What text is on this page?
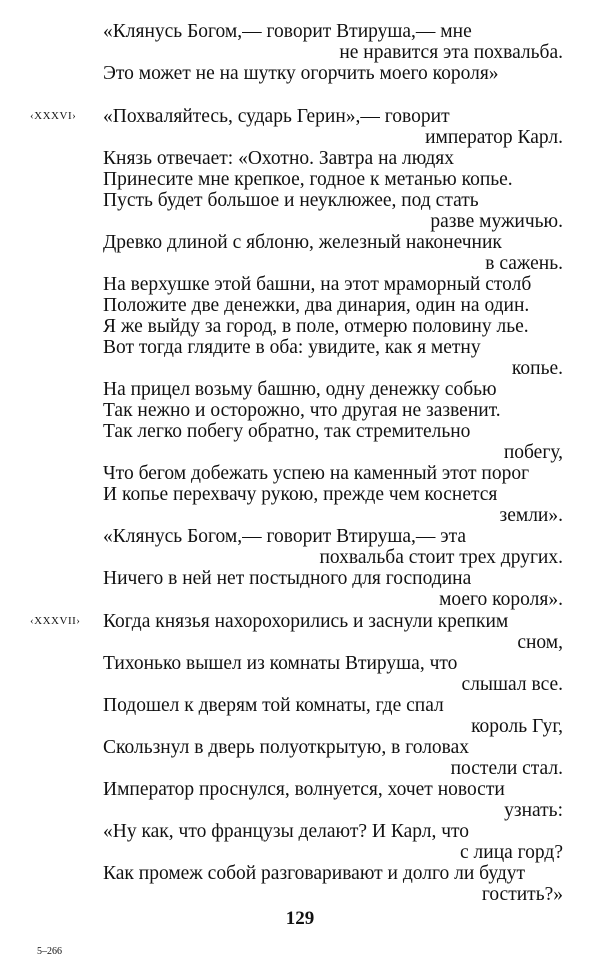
«Клянусь Богом,— говорит Втируша,— мне
не нравится эта похвальба.
Это может не на шутку огорчить моего короля»
‹XXXVI›	«Похваляйтесь, сударь Герин»,— говорит
император Карл.
Князь отвечает: «Охотно. Завтра на людях
Принесите мне крепкое, годное к метанью копье.
Пусть будет большое и неуклюжее, под стать
разве мужичью.
Древко длиной с яблоню, железный наконечник
в сажень.
На верхушке этой башни, на этот мраморный столб
Положите две денежки, два динария, один на один.
Я же выйду за город, в поле, отмерю половину лье.
Вот тогда глядите в оба: увидите, как я метну
копье.
На прицел возьму башню, одну денежку собью
Так нежно и осторожно, что другая не зазвенит.
Так легко побегу обратно, так стремительно
побегу,
Что бегом добежать успею на каменный этот порог
И копье перехвачу рукою, прежде чем коснется
земли».
«Клянусь Богом,— говорит Втируша,— эта
похвальба стоит трех других.
Ничего в ней нет постыдного для господина
моего короля».
‹XXXVII›	Когда князья нахорохорились и заснули крепким
сном,
Тихонько вышел из комнаты Втируша, что
слышал все.
Подошел к дверям той комнаты, где спал
король Гуг,
Скользнул в дверь полуоткрытую, в головах
постели стал.
Император проснулся, волнуется, хочет новости
узнать:
«Ну как, что французы делают? И Карл, что
с лица горд?
Как промеж собой разговаривают и долго ли будут
гостить?»
129
5–266
